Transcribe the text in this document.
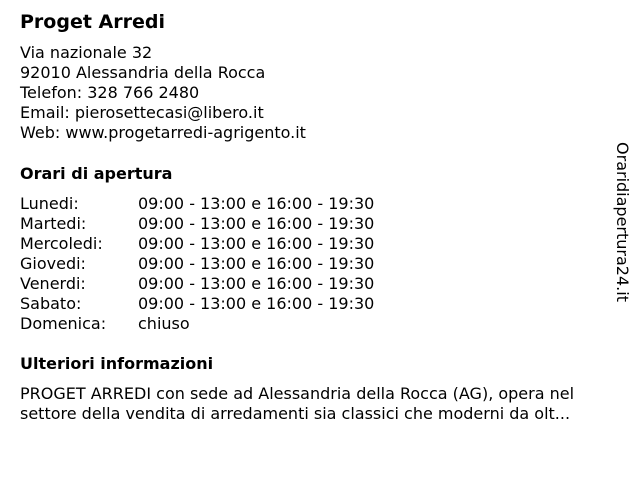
Proget Arredi
Via nazionale 32
92010 Alessandria della Rocca
Telefon: 328 766 2480
Email: pierosettecasi@libero.it
Web: www.progetarredi-agrigento.it
Orari di apertura
Lunedi:	09:00 - 13:00 e 16:00 - 19:30
Martedi:	09:00 - 13:00 e 16:00 - 19:30
Mercoledi: 09:00 - 13:00 e 16:00 - 19:30
Giovedi:	09:00 - 13:00 e 16:00 - 19:30
Venerdi:	09:00 - 13:00 e 16:00 - 19:30
Sabato:	09:00 - 13:00 e 16:00 - 19:30
Domenica: chiuso
Ulteriori informazioni

PROGET ARREDI con sede ad Alessandria della Rocca (AG), opera nel settore della vendita di arredamenti sia classici che moderni da olt...

Oraridiapertura24.it
